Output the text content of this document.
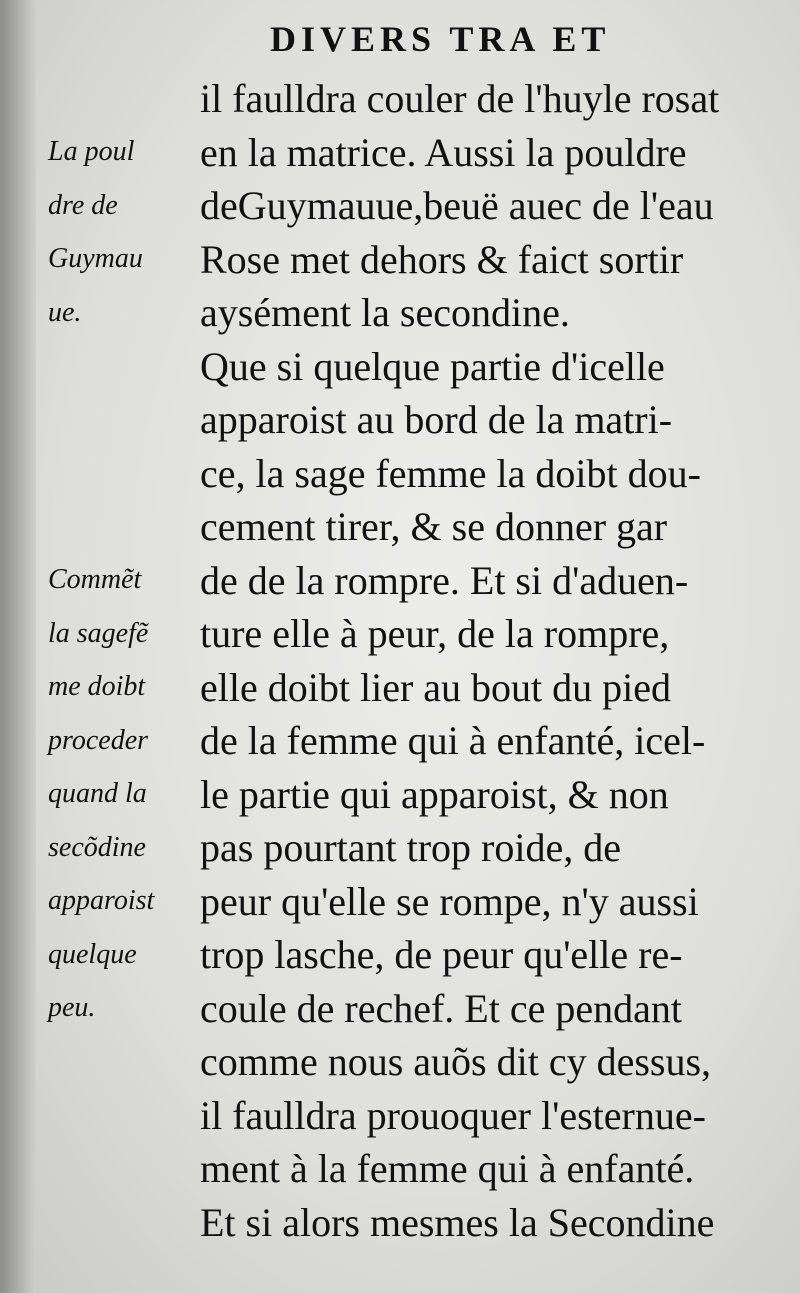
DIVERS TRA ET
La poul
dre de
Guymau
ue.
Commẽt
la sagefẽ
me doibt
proceder
quand la
secõdine
apparoist
quelque
peu.
il faulldra couler de l'huyle rosat
en la matrice. Aussi la pouldre
deGuymauue,beuë auec de l'eau
Rose met dehors & faict sortir
aysément la secondine.
Que si quelque partie d'icelle
apparoist au bord de la matri-
ce, la sage femme la doibt dou-
cement tirer, & se donner gar
de de la rompre. Et si d'aduen-
ture elle à peur, de la rompre,
elle doibt lier au bout du pied
de la femme qui à enfanté, icel-
le partie qui apparoist, & non
pas pourtant trop roide, de
peur qu'elle se rompe, n'y aussi
trop lasche, de peur qu'elle re-
coule de rechef. Et ce pendant
comme nous auõs dit cy dessus,
il faulldra prouoquer l'esternue-
ment à la femme qui à enfanté.
Et si alors mesmes la Secondine
